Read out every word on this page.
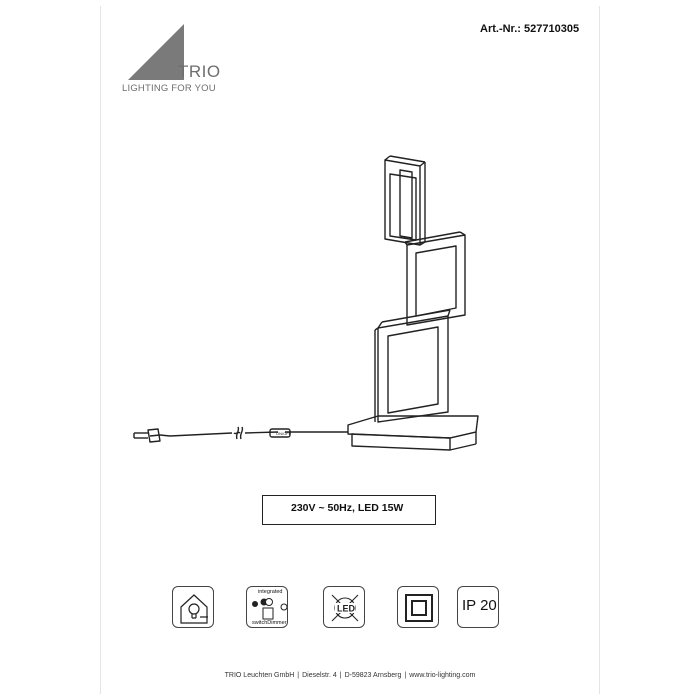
TRIO
LIGHTING FOR YOU
Art.-Nr.: 527710305
ON/OFF
230V ~ 50Hz, LED 15W
integrated
switchDimmer
LED	IP 20
TRIO Leuchten GmbH | Dieselstr. 4 | D-59823 Arnsberg | www.trio-lighting.com
